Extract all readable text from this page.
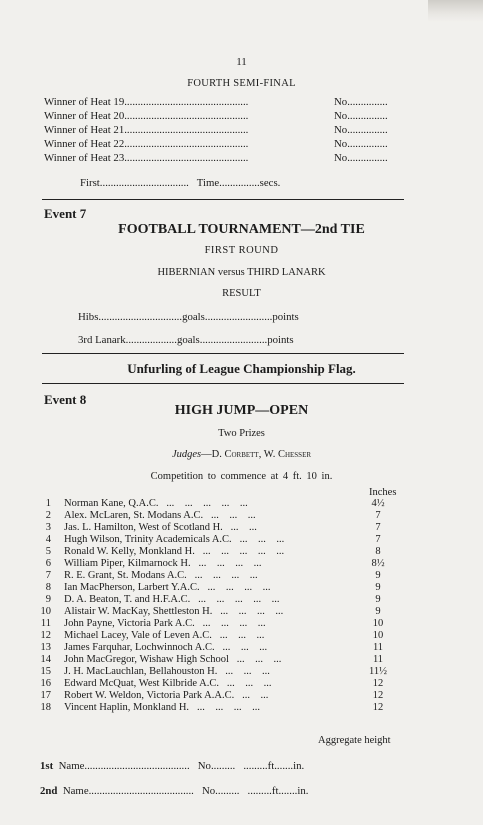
11
FOURTH SEMI-FINAL
Winner of Heat 19..............................................	No...............
Winner of Heat 20..............................................	No...............
Winner of Heat 21..............................................	No...............
Winner of Heat 22..............................................	No...............
Winner of Heat 23..............................................	No...............
First.................................   Time...............secs.
Event 7
FOOTBALL TOURNAMENT—2nd TIE
FIRST ROUND
HIBERNIAN versus THIRD LANARK
RESULT
Hibs...............................goals.........................points
3rd Lanark...................goals.........................points
Unfurling of League Championship Flag.
Event 8
HIGH JUMP—OPEN
Two Prizes
Judges—D. Corbett, W. Chesser
Competition to commence at 4 ft. 10 in.
Inches
1 Norman Kane, Q.A.C. ...    ...    ...    ...    ...	4½
2 Alex. McLaren, St. Modans A.C. ...    ...    ...	7
3 Jas. L. Hamilton, West of Scotland H. ...    ...	7
4 Hugh Wilson, Trinity Academicals A.C. ...    ...    ...	7
5 Ronald W. Kelly, Monkland H. ...    ...    ...    ...    ...	8
6 William Piper, Kilmarnock H. ...    ...    ...    ...	8½
7 R. E. Grant, St. Modans A.C. ...    ...    ...    ...	9
8 Ian MacPherson, Larbert Y.A.C. ...    ...    ...    ...	9
9 D. A. Beaton, T. and H.F.A.C. ...    ...    ...    ...    ...	9
10 Alistair W. MacKay, Shettleston H. ...    ...    ...    ...	9
11 John Payne, Victoria Park A.C. ...    ...    ...    ...	10
12 Michael Lacey, Vale of Leven A.C. ...    ...    ...	10
13 James Farquhar, Lochwinnoch A.C. ...    ...    ...	11
14 John MacGregor, Wishaw High School ...    ...    ...	11
15 J. H. MacLauchlan, Bellahouston H. ...    ...    ...	11½
16 Edward McQuat, West Kilbride A.C. ...    ...    ...	12
17 Robert W. Weldon, Victoria Park A.A.C. ...    ...	12
18 Vincent Haplin, Monkland H. ...    ...    ...    ...	12
Aggregate height
1st Name.......................................   No.........   .........ft.......in.
2nd Name.......................................   No.........   .........ft.......in.
